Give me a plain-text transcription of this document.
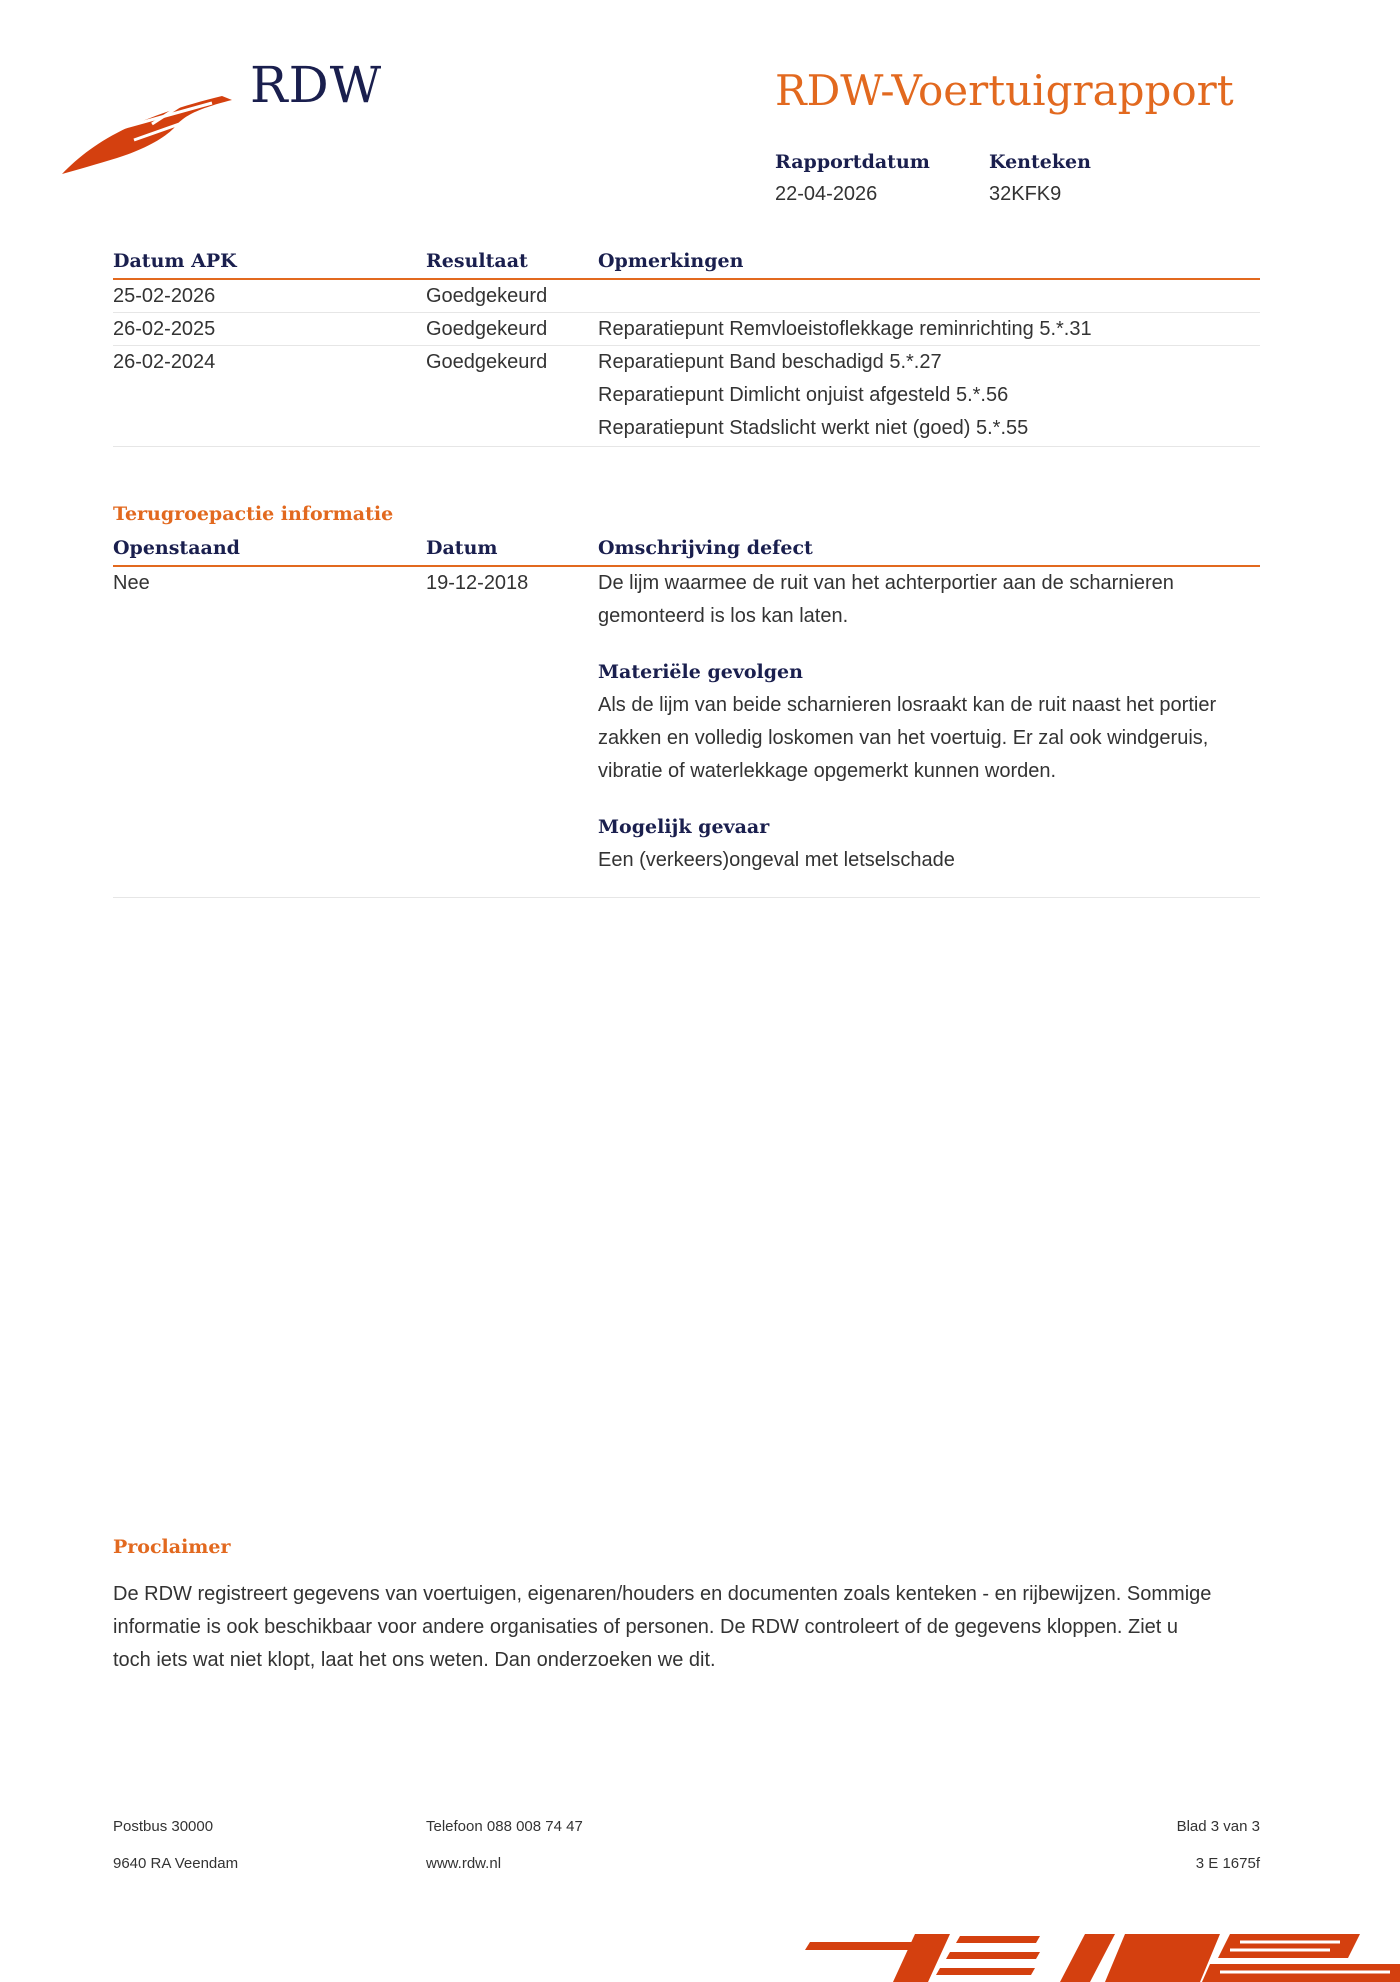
RDW	RDW-Voertuigrapport
Rapportdatum
22-04-2026
Kenteken
32KFK9
Datum APK	Resultaat	Opmerkingen
25-02-2026	Goedgekeurd
26-02-2025	Goedgekeurd	Reparatiepunt Remvloeistoflekkage reminrichting 5.*.31
26-02-2024	Goedgekeurd	Reparatiepunt Band beschadigd 5.*.27
Reparatiepunt Dimlicht onjuist afgesteld 5.*.56
Reparatiepunt Stadslicht werkt niet (goed) 5.*.55
Terugroepactie informatie
Openstaand	Datum	Omschrijving defect
Nee	19-12-2018	De lijm waarmee de ruit van het achterportier aan de scharnieren gemonteerd is los kan laten.
Materiële gevolgen
Als de lijm van beide scharnieren losraakt kan de ruit naast het portier zakken en volledig loskomen van het voertuig. Er zal ook windgeruis, vibratie of waterlekkage opgemerkt kunnen worden.
Mogelijk gevaar
Een (verkeers)ongeval met letselschade
Proclaimer
De RDW registreert gegevens van voertuigen, eigenaren/houders en documenten zoals kenteken - en rijbewijzen. Sommige informatie is ook beschikbaar voor andere organisaties of personen. De RDW controleert of de gegevens kloppen. Ziet u toch iets wat niet klopt, laat het ons weten. Dan onderzoeken we dit.
Postbus 30000
9640 RA Veendam
Telefoon 088 008 74 47
www.rdw.nl
Blad 3 van 3
3 E 1675f
